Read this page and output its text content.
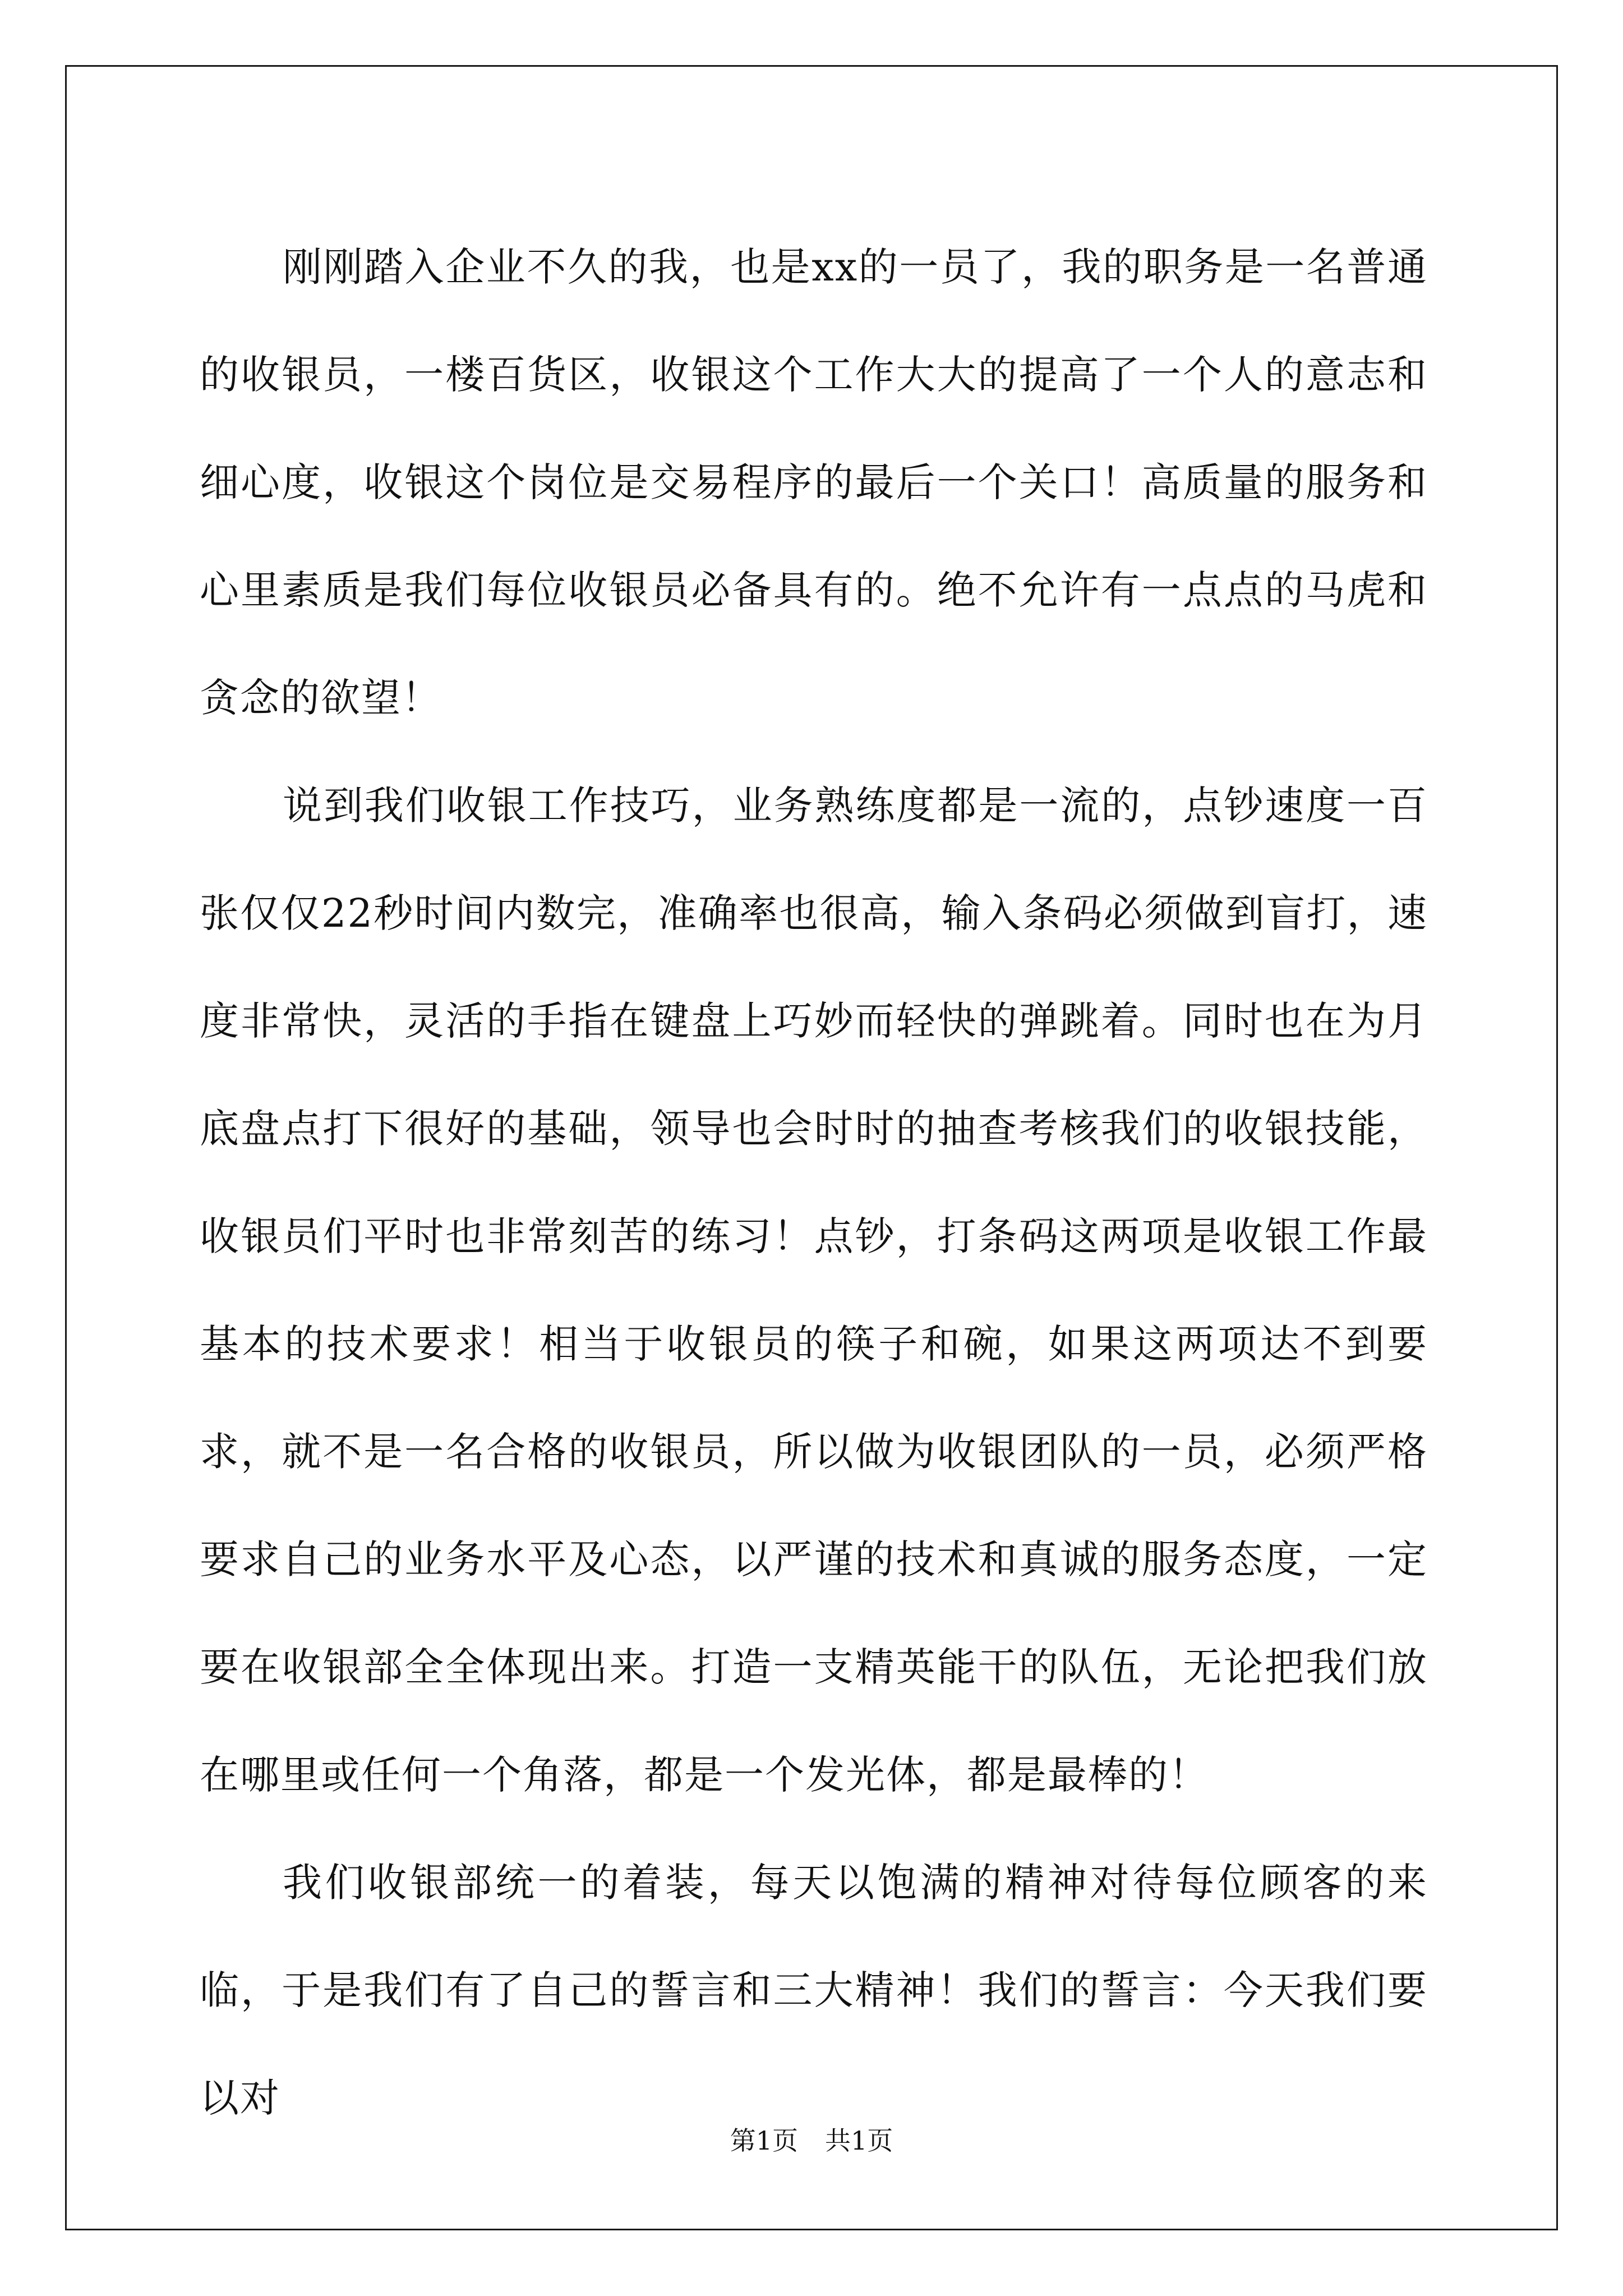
刚刚踏入企业不久的我，也是xx的一员了，我的职务是一名普通的收银员，一楼百货区，收银这个工作大大的提高了一个人的意志和细心度，收银这个岗位是交易程序的最后一个关口！高质量的服务和心里素质是我们每位收银员必备具有的。绝不允许有一点点的马虎和贪念的欲望！

说到我们收银工作技巧，业务熟练度都是一流的，点钞速度一百张仅仅22秒时间内数完，准确率也很高，输入条码必须做到盲打，速度非常快，灵活的手指在键盘上巧妙而轻快的弹跳着。同时也在为月底盘点打下很好的基础，领导也会时时的抽查考核我们的收银技能，收银员们平时也非常刻苦的练习！点钞，打条码这两项是收银工作最基本的技术要求！相当于收银员的筷子和碗，如果这两项达不到要求，就不是一名合格的收银员，所以做为收银团队的一员，必须严格要求自己的业务水平及心态，以严谨的技术和真诚的服务态度，一定要在收银部全全体现出来。打造一支精英能干的队伍，无论把我们放在哪里或任何一个角落，都是一个发光体，都是最棒的！

我们收银部统一的着装，每天以饱满的精神对待每位顾客的来临，于是我们有了自己的誓言和三大精神！我们的誓言：今天我们要以对

第1页 共1页
